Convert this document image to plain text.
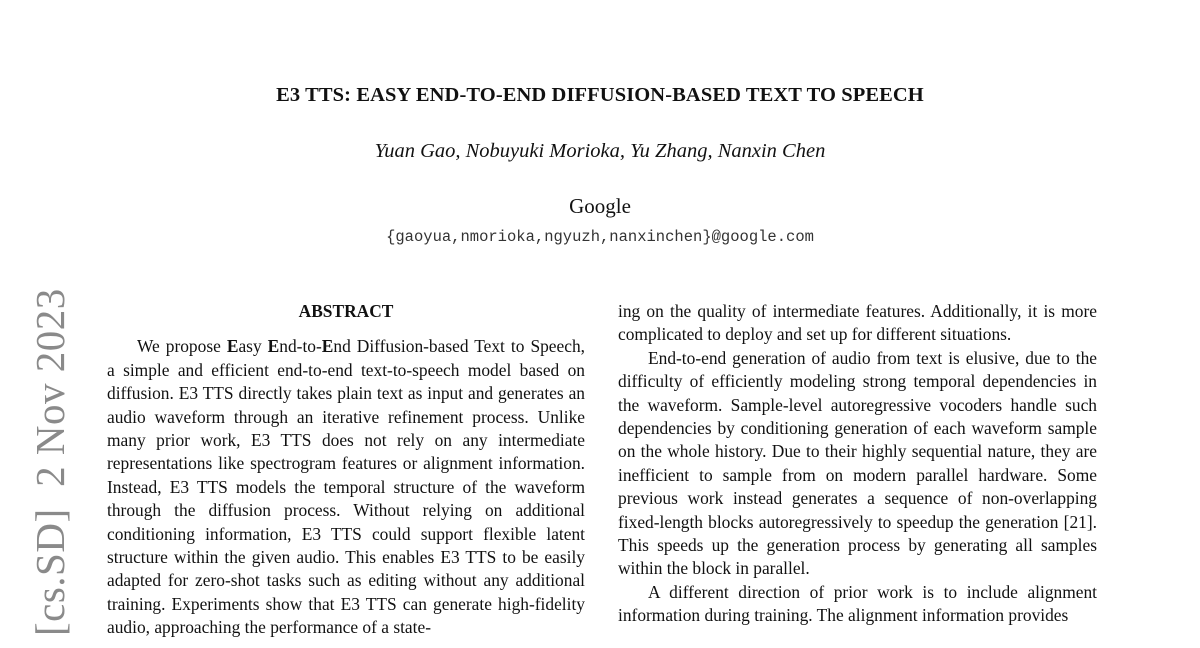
E3 TTS: EASY END-TO-END DIFFUSION-BASED TEXT TO SPEECH
Yuan Gao, Nobuyuki Morioka, Yu Zhang, Nanxin Chen
Google
{gaoyua,nmorioka,ngyuzh,nanxinchen}@google.com
[cs.SD]  2 Nov 2023	ABSTRACT

We propose Easy End-to-End Diffusion-based Text to Speech, a simple and efficient end-to-end text-to-speech model based on diffusion. E3 TTS directly takes plain text as input and generates an audio waveform through an iterative refinement process. Unlike many prior work, E3 TTS does not rely on any intermediate representations like spectrogram features or alignment information. Instead, E3 TTS models the temporal structure of the waveform through the diffusion process. Without relying on additional conditioning information, E3 TTS could support flexible latent structure within the given audio. This enables E3 TTS to be easily adapted for zero-shot tasks such as editing without any additional training. Experiments show that E3 TTS can generate high-fidelity audio, approaching the performance of a state-

ing on the quality of intermediate features. Additionally, it is more complicated to deploy and set up for different situations.

End-to-end generation of audio from text is elusive, due to the difficulty of efficiently modeling strong temporal dependencies in the waveform. Sample-level autoregressive vocoders handle such dependencies by conditioning generation of each waveform sample on the whole history. Due to their highly sequential nature, they are inefficient to sample from on modern parallel hardware. Some previous work instead generates a sequence of non-overlapping fixed-length blocks autoregressively to speedup the generation [21]. This speeds up the generation process by generating all samples within the block in parallel.

A different direction of prior work is to include alignment information during training. The alignment information provides
